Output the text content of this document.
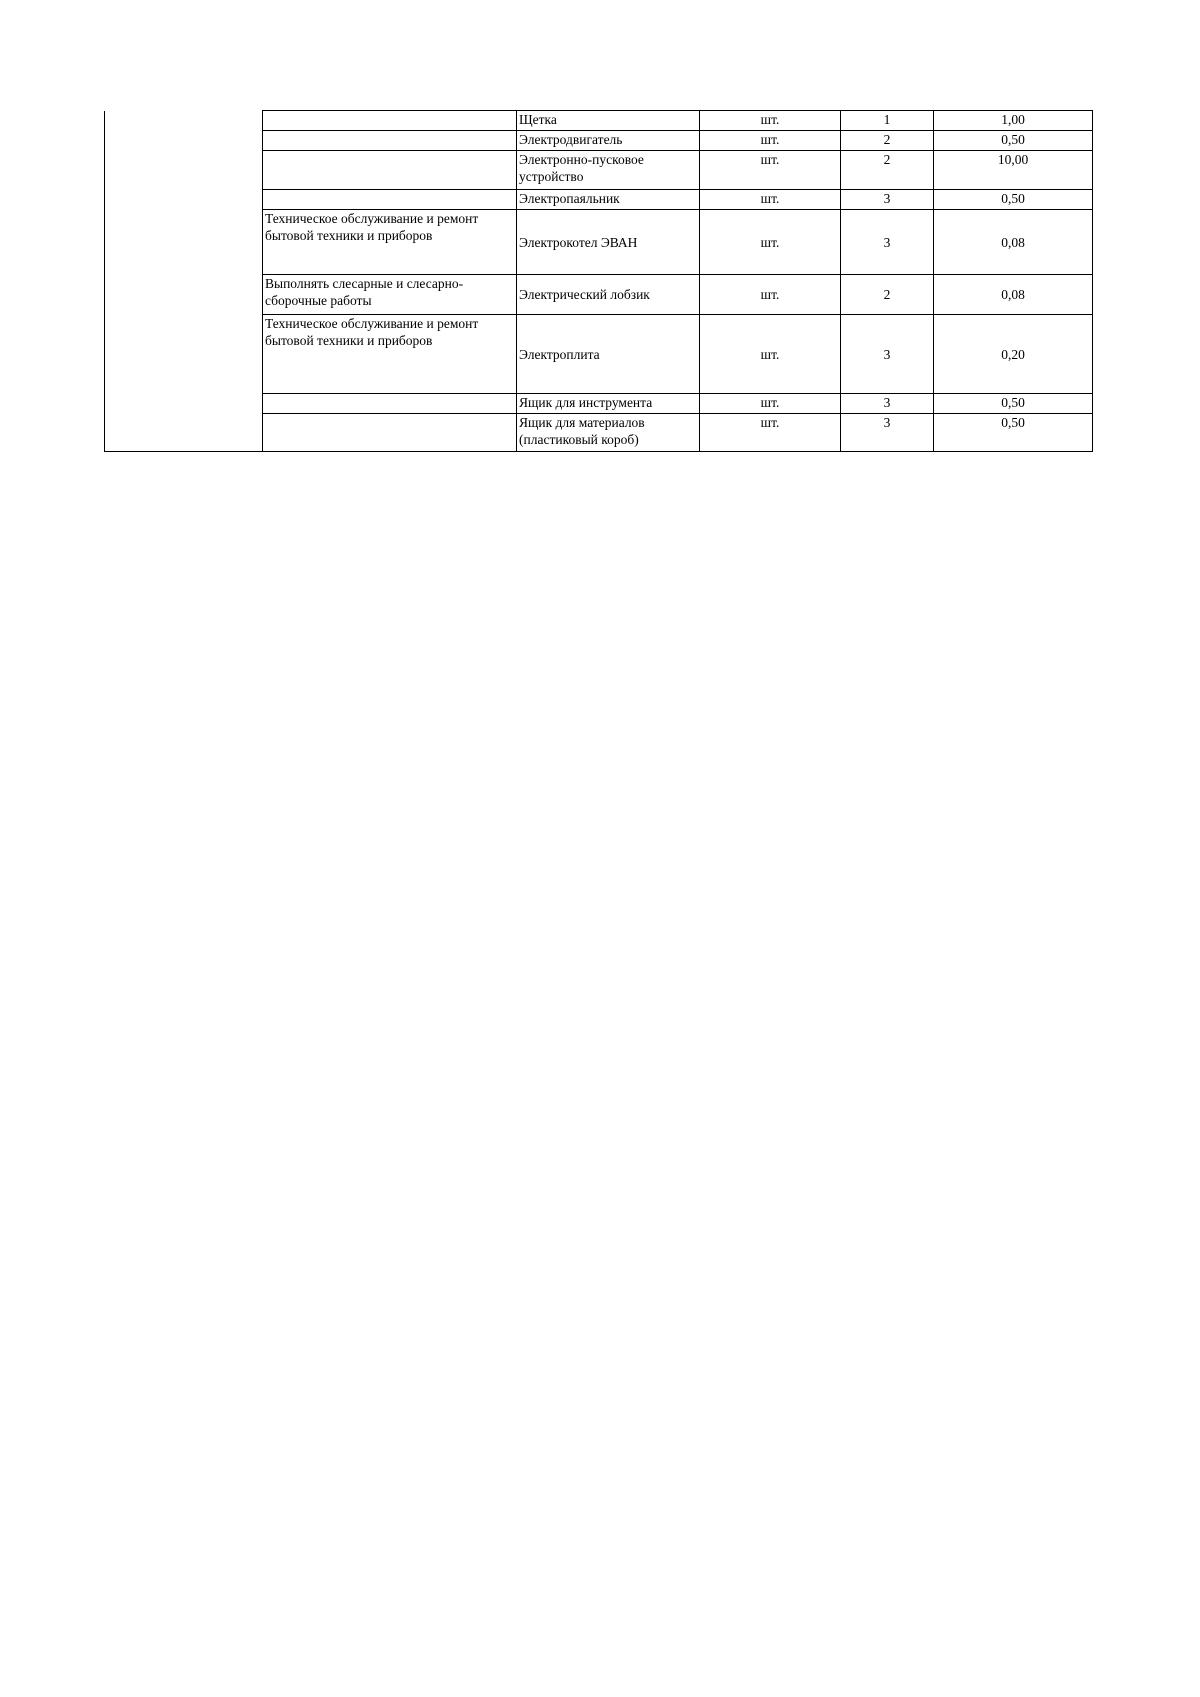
		Щетка	шт.	1	1,00
		Электродвигатель	шт.	2	0,50
		Электронно-пусковое устройство	шт.	2	10,00
		Электропаяльник	шт.	3	0,50
	Техническое обслуживание и ремонт бытовой техники и приборов	Электрокотел ЭВАН	шт.	3	0,08
	Выполнять слесарные и слесарно-сборочные работы	Электрический лобзик	шт.	2	0,08
	Техническое обслуживание и ремонт бытовой техники и приборов	Электроплита	шт.	3	0,20
		Ящик для инструмента	шт.	3	0,50
		Ящик для материалов (пластиковый короб)	шт.	3	0,50
